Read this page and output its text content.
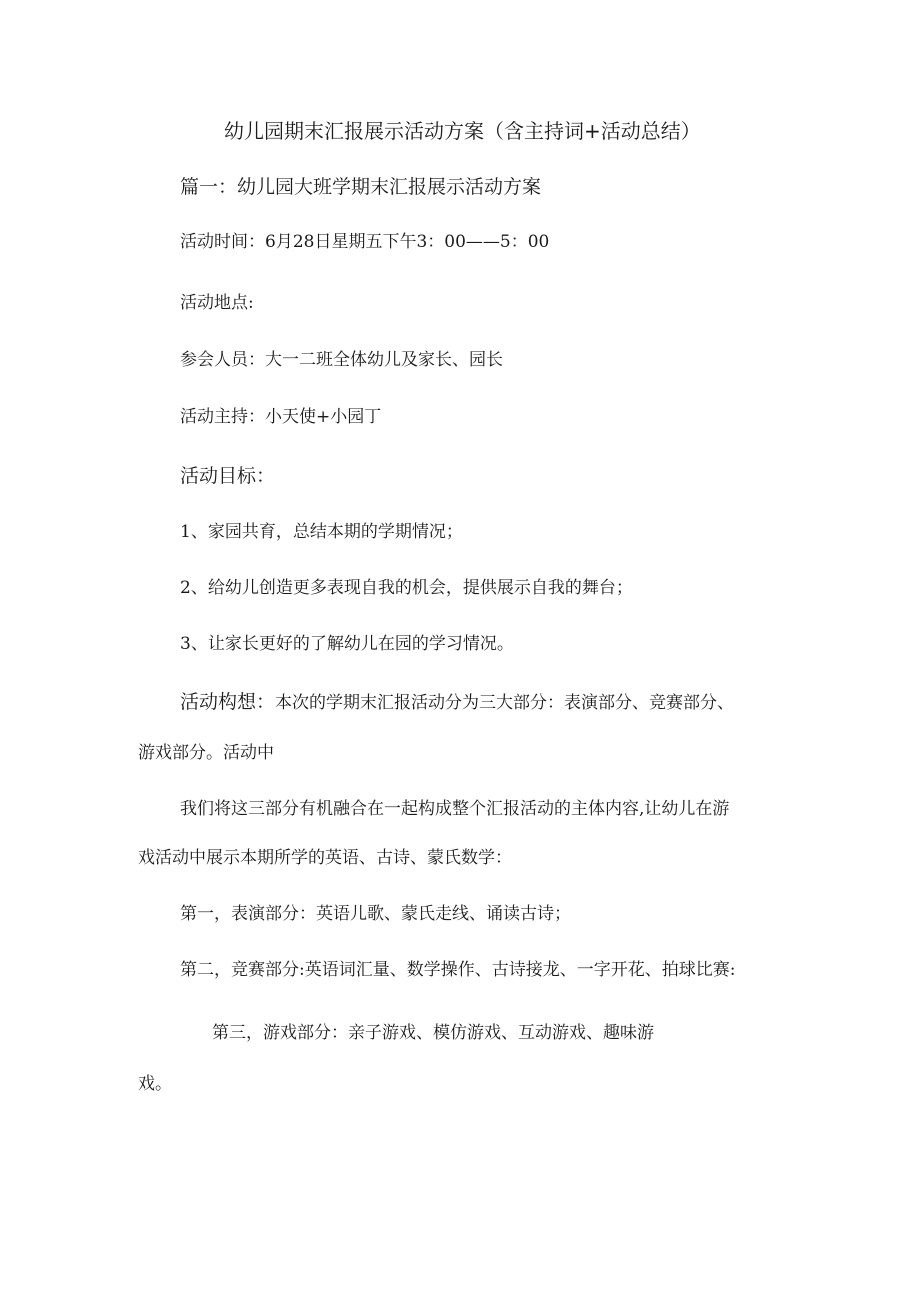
幼儿园期末汇报展示活动方案（含主持词+活动总结）
篇一：幼儿园大班学期末汇报展示活动方案
活动时间：6月28日星期五下午3：00——5：00
活动地点:
参会人员：大一二班全体幼儿及家长、园长
活动主持：小天使+小园丁
活动目标：
1、家园共育，总结本期的学期情况；
2、给幼儿创造更多表现自我的机会，提供展示自我的舞台；
3、让家长更好的了解幼儿在园的学习情况。
活动构想：本次的学期末汇报活动分为三大部分：表演部分、竞赛部分、
游戏部分。活动中
我们将这三部分有机融合在一起构成整个汇报活动的主体内容,让幼儿在游
戏活动中展示本期所学的英语、古诗、蒙氏数学：
第一，表演部分：英语儿歌、蒙氏走线、诵读古诗；
第二，竞赛部分:英语词汇量、数学操作、古诗接龙、一字开花、拍球比赛:
第三，游戏部分：亲子游戏、模仿游戏、互动游戏、趣味游
戏。
